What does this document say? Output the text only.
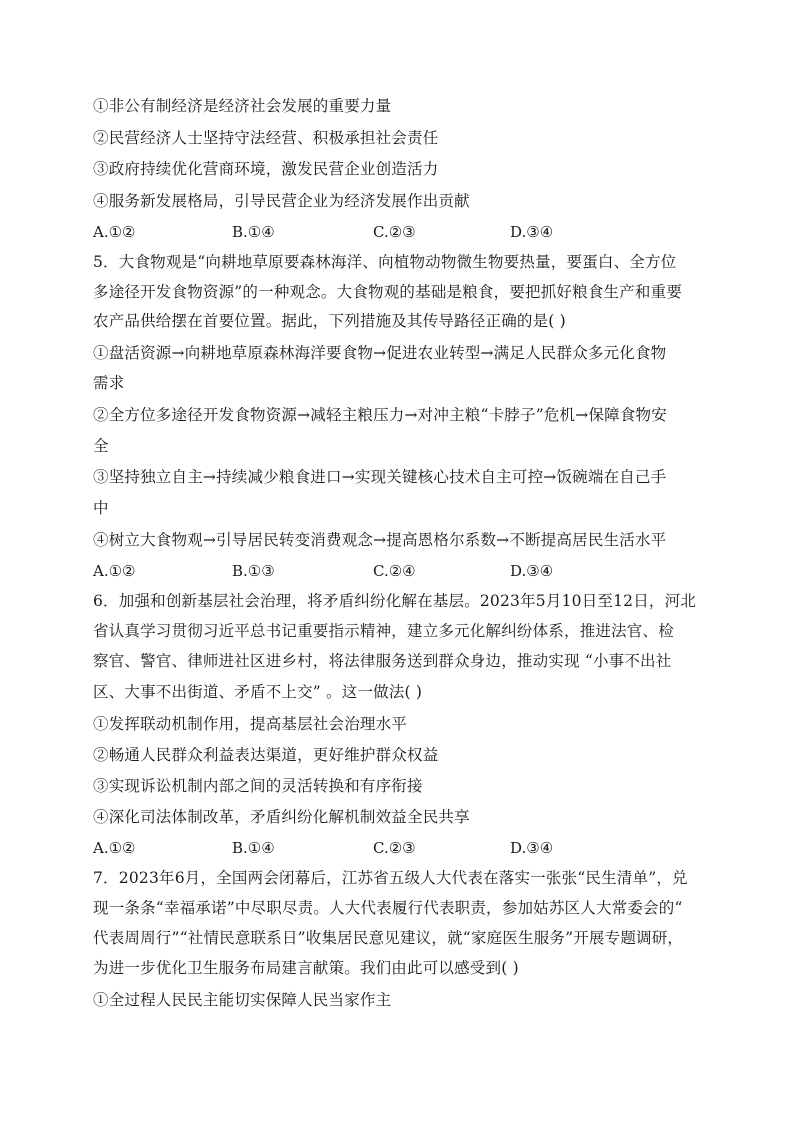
①非公有制经济是经济社会发展的重要力量
②民营经济人士坚持守法经营、积极承担社会责任
③政府持续优化营商环境，激发民营企业创造活力
④服务新发展格局，引导民营企业为经济发展作出贡献
A.①②	B.①④	C.②③	D.③④
5．大食物观是“向耕地草原要森林海洋、向植物动物微生物要热量，要蛋白、全方位
多途径开发食物资源”的一种观念。大食物观的基础是粮食，要把抓好粮食生产和重要
农产品供给摆在首要位置。据此，下列措施及其传导路径正确的是( )
①盘活资源→向耕地草原森林海洋要食物→促进农业转型→满足人民群众多元化食物
需求
②全方位多途径开发食物资源→减轻主粮压力→对冲主粮“卡脖子”危机→保障食物安
全
③坚持独立自主→持续减少粮食进口→实现关键核心技术自主可控→饭碗端在自己手
中
④树立大食物观→引导居民转变消费观念→提高恩格尔系数→不断提高居民生活水平
A.①②	B.①③	C.②④	D.③④
6．加强和创新基层社会治理，将矛盾纠纷化解在基层。2023年5月10日至12日，河北
省认真学习贯彻习近平总书记重要指示精神，建立多元化解纠纷体系，推进法官、检
察官、警官、律师进社区进乡村，将法律服务送到群众身边，推动实现 “小事不出社
区、大事不出街道、矛盾不上交” 。这一做法( )
①发挥联动机制作用，提高基层社会治理水平
②畅通人民群众利益表达渠道，更好维护群众权益
③实现诉讼机制内部之间的灵活转换和有序衔接
④深化司法体制改革，矛盾纠纷化解机制效益全民共享
A.①②	B.①④	C.②③	D.③④
7．2023年6月，全国两会闭幕后，江苏省五级人大代表在落实一张张“民生清单”，兑
现一条条“幸福承诺”中尽职尽责。人大代表履行代表职责，参加姑苏区人大常委会的“
代表周周行”“社情民意联系日”收集居民意见建议，就“家庭医生服务”开展专题调研，
为进一步优化卫生服务布局建言献策。我们由此可以感受到( )
①全过程人民民主能切实保障人民当家作主
